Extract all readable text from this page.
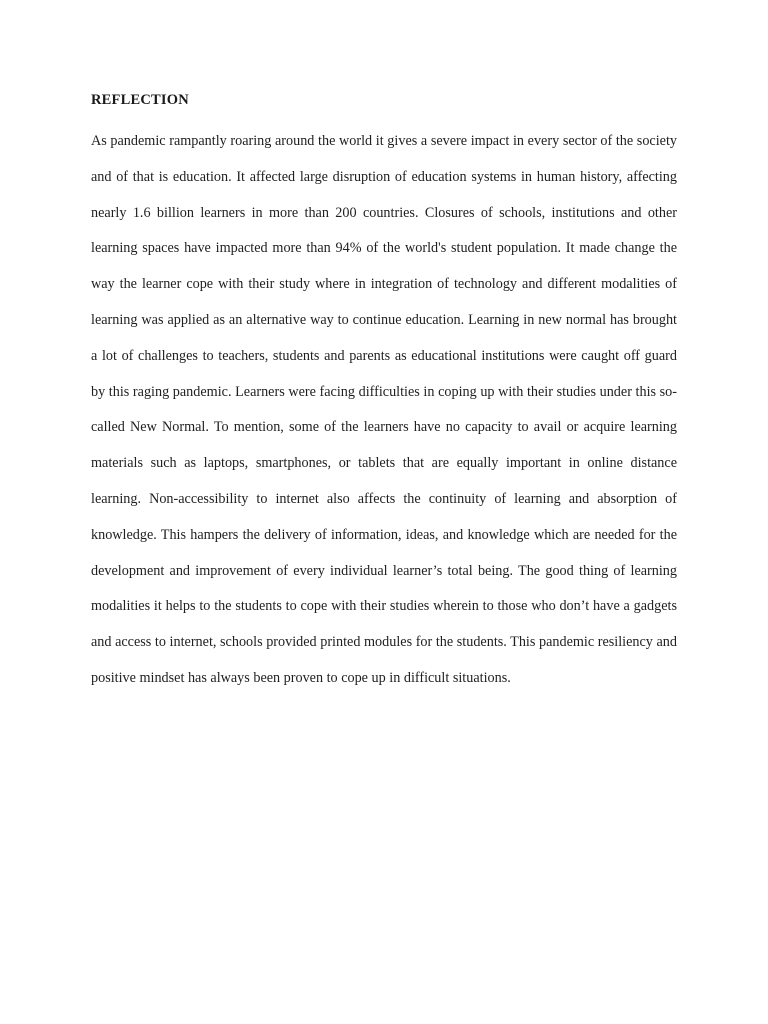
REFLECTION

As pandemic rampantly roaring around the world it gives a severe impact in every sector of the society and of that is education. It affected large disruption of education systems in human history, affecting nearly 1.6 billion learners in more than 200 countries. Closures of schools, institutions and other learning spaces have impacted more than 94% of the world's student population. It made change the way the learner cope with their study where in integration of technology and different modalities of learning was applied as an alternative way to continue education. Learning in new normal has brought a lot of challenges to teachers, students and parents as educational institutions were caught off guard by this raging pandemic. Learners were facing difficulties in coping up with their studies under this so-called New Normal. To mention, some of the learners have no capacity to avail or acquire learning materials such as laptops, smartphones, or tablets that are equally important in online distance learning. Non-accessibility to internet also affects the continuity of learning and absorption of knowledge. This hampers the delivery of information, ideas, and knowledge which are needed for the development and improvement of every individual learner’s total being. The good thing of learning modalities it helps to the students to cope with their studies wherein to those who don’t have a gadgets and access to internet, schools provided printed modules for the students. This pandemic resiliency and positive mindset has always been proven to cope up in difficult situations.
